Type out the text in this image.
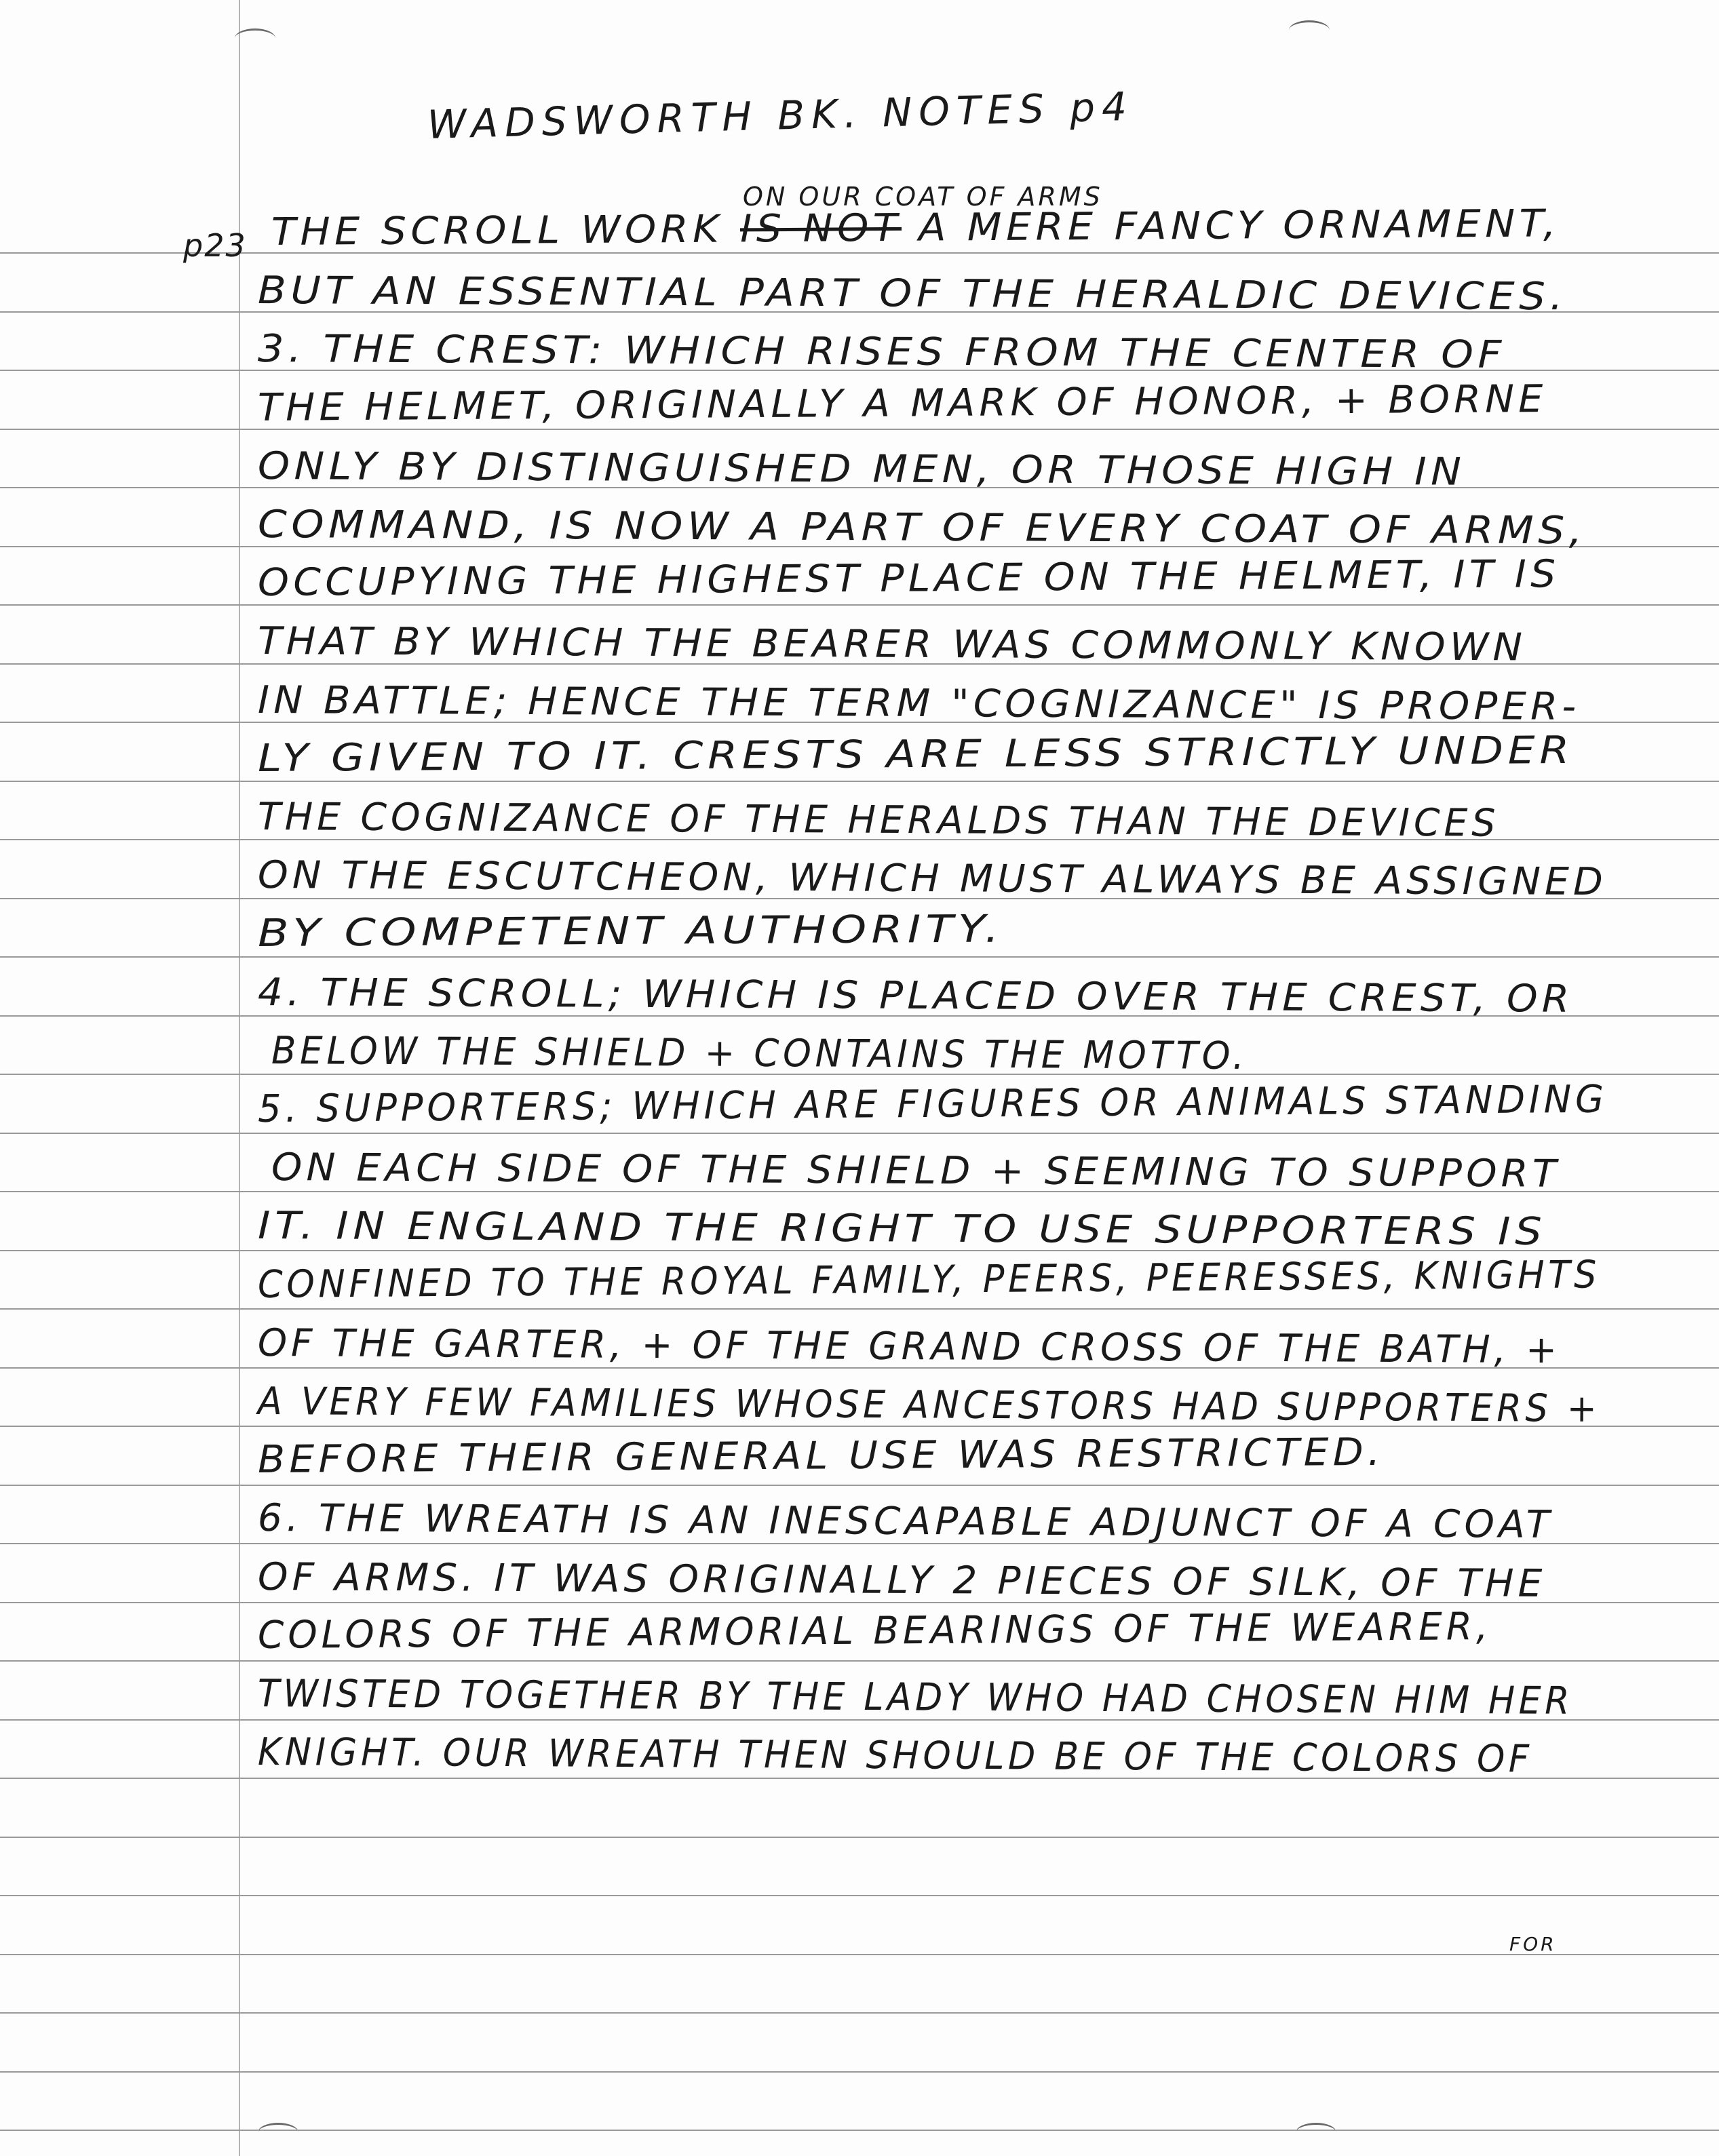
WADSWORTH BK. NOTES p4
p23
ON OUR COAT OF ARMS
FOR
THE SCROLL WORK IS NOT A MERE FANCY ORNAMENT,
BUT AN ESSENTIAL PART OF THE HERALDIC DEVICES.
3. THE CREST: WHICH RISES FROM THE CENTER OF
THE HELMET, ORIGINALLY A MARK OF HONOR, + BORNE
ONLY BY DISTINGUISHED MEN, OR THOSE HIGH IN
COMMAND, IS NOW A PART OF EVERY COAT OF ARMS,
OCCUPYING THE HIGHEST PLACE ON THE HELMET, IT IS
THAT BY WHICH THE BEARER WAS COMMONLY KNOWN
IN BATTLE; HENCE THE TERM "COGNIZANCE" IS PROPER-
LY GIVEN TO IT. CRESTS ARE LESS STRICTLY UNDER
THE COGNIZANCE OF THE HERALDS THAN THE DEVICES
ON THE ESCUTCHEON, WHICH MUST ALWAYS BE ASSIGNED
BY COMPETENT AUTHORITY.
4. THE SCROLL; WHICH IS PLACED OVER THE CREST, OR
BELOW THE SHIELD + CONTAINS THE MOTTO.
5. SUPPORTERS; WHICH ARE FIGURES OR ANIMALS STANDING
ON EACH SIDE OF THE SHIELD + SEEMING TO SUPPORT
IT. IN ENGLAND THE RIGHT TO USE SUPPORTERS IS
CONFINED TO THE ROYAL FAMILY, PEERS, PEERESSES, KNIGHTS
OF THE GARTER, + OF THE GRAND CROSS OF THE BATH, +
A VERY FEW FAMILIES WHOSE ANCESTORS HAD SUPPORTERS +
BEFORE THEIR GENERAL USE WAS RESTRICTED.
6. THE WREATH IS AN INESCAPABLE ADJUNCT OF A COAT
OF ARMS. IT WAS ORIGINALLY 2 PIECES OF SILK, OF THE
COLORS OF THE ARMORIAL BEARINGS OF THE WEARER,
TWISTED TOGETHER BY THE LADY WHO HAD CHOSEN HIM HER
KNIGHT. OUR WREATH THEN SHOULD BE OF THE COLORS OF
